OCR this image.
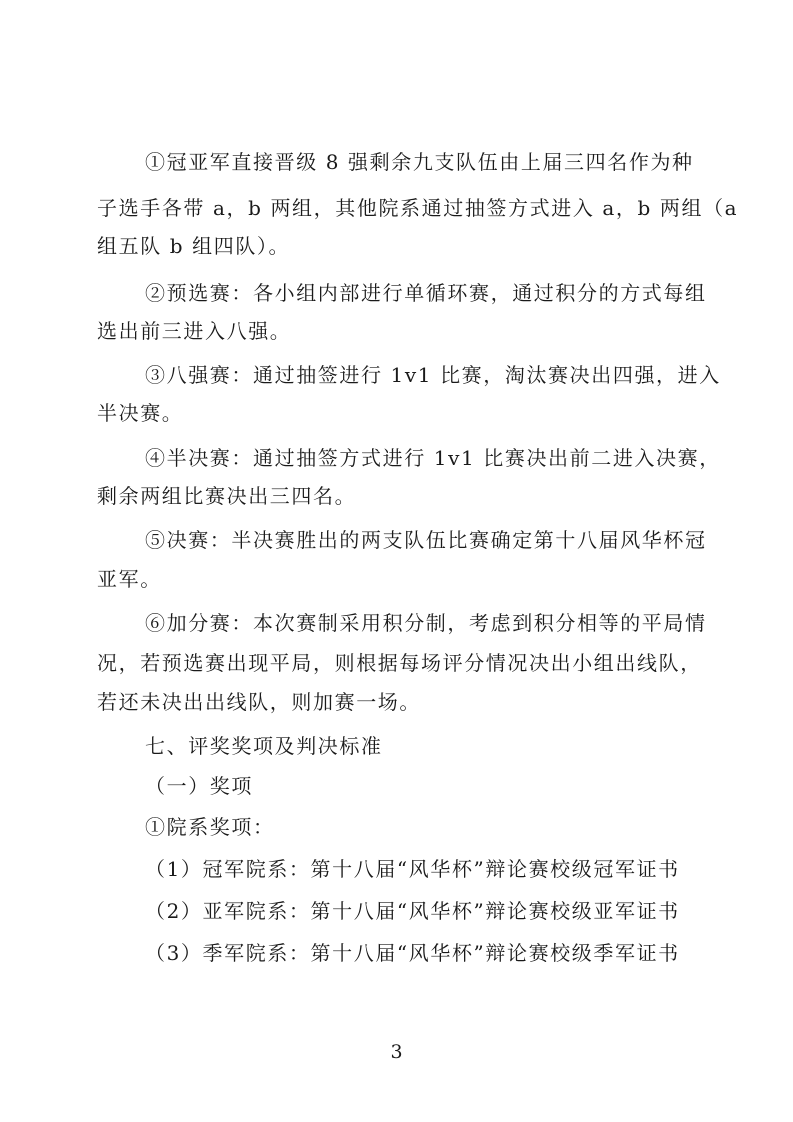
①冠亚军直接晋级 8 强剩余九支队伍由上届三四名作为种
子选手各带 a，b 两组，其他院系通过抽签方式进入 a，b 两组（a
组五队 b 组四队）。
②预选赛：各小组内部进行单循环赛，通过积分的方式每组
选出前三进入八强。
③八强赛：通过抽签进行 1v1 比赛，淘汰赛决出四强，进入
半决赛。
④半决赛：通过抽签方式进行 1v1 比赛决出前二进入决赛，
剩余两组比赛决出三四名。
⑤决赛：半决赛胜出的两支队伍比赛确定第十八届风华杯冠
亚军。
⑥加分赛：本次赛制采用积分制，考虑到积分相等的平局情
况，若预选赛出现平局，则根据每场评分情况决出小组出线队，
若还未决出出线队，则加赛一场。
七、评奖奖项及判决标准
（一）奖项
①院系奖项：
（1）冠军院系：第十八届“风华杯”辩论赛校级冠军证书
（2）亚军院系：第十八届“风华杯”辩论赛校级亚军证书
（3）季军院系：第十八届“风华杯”辩论赛校级季军证书
3
